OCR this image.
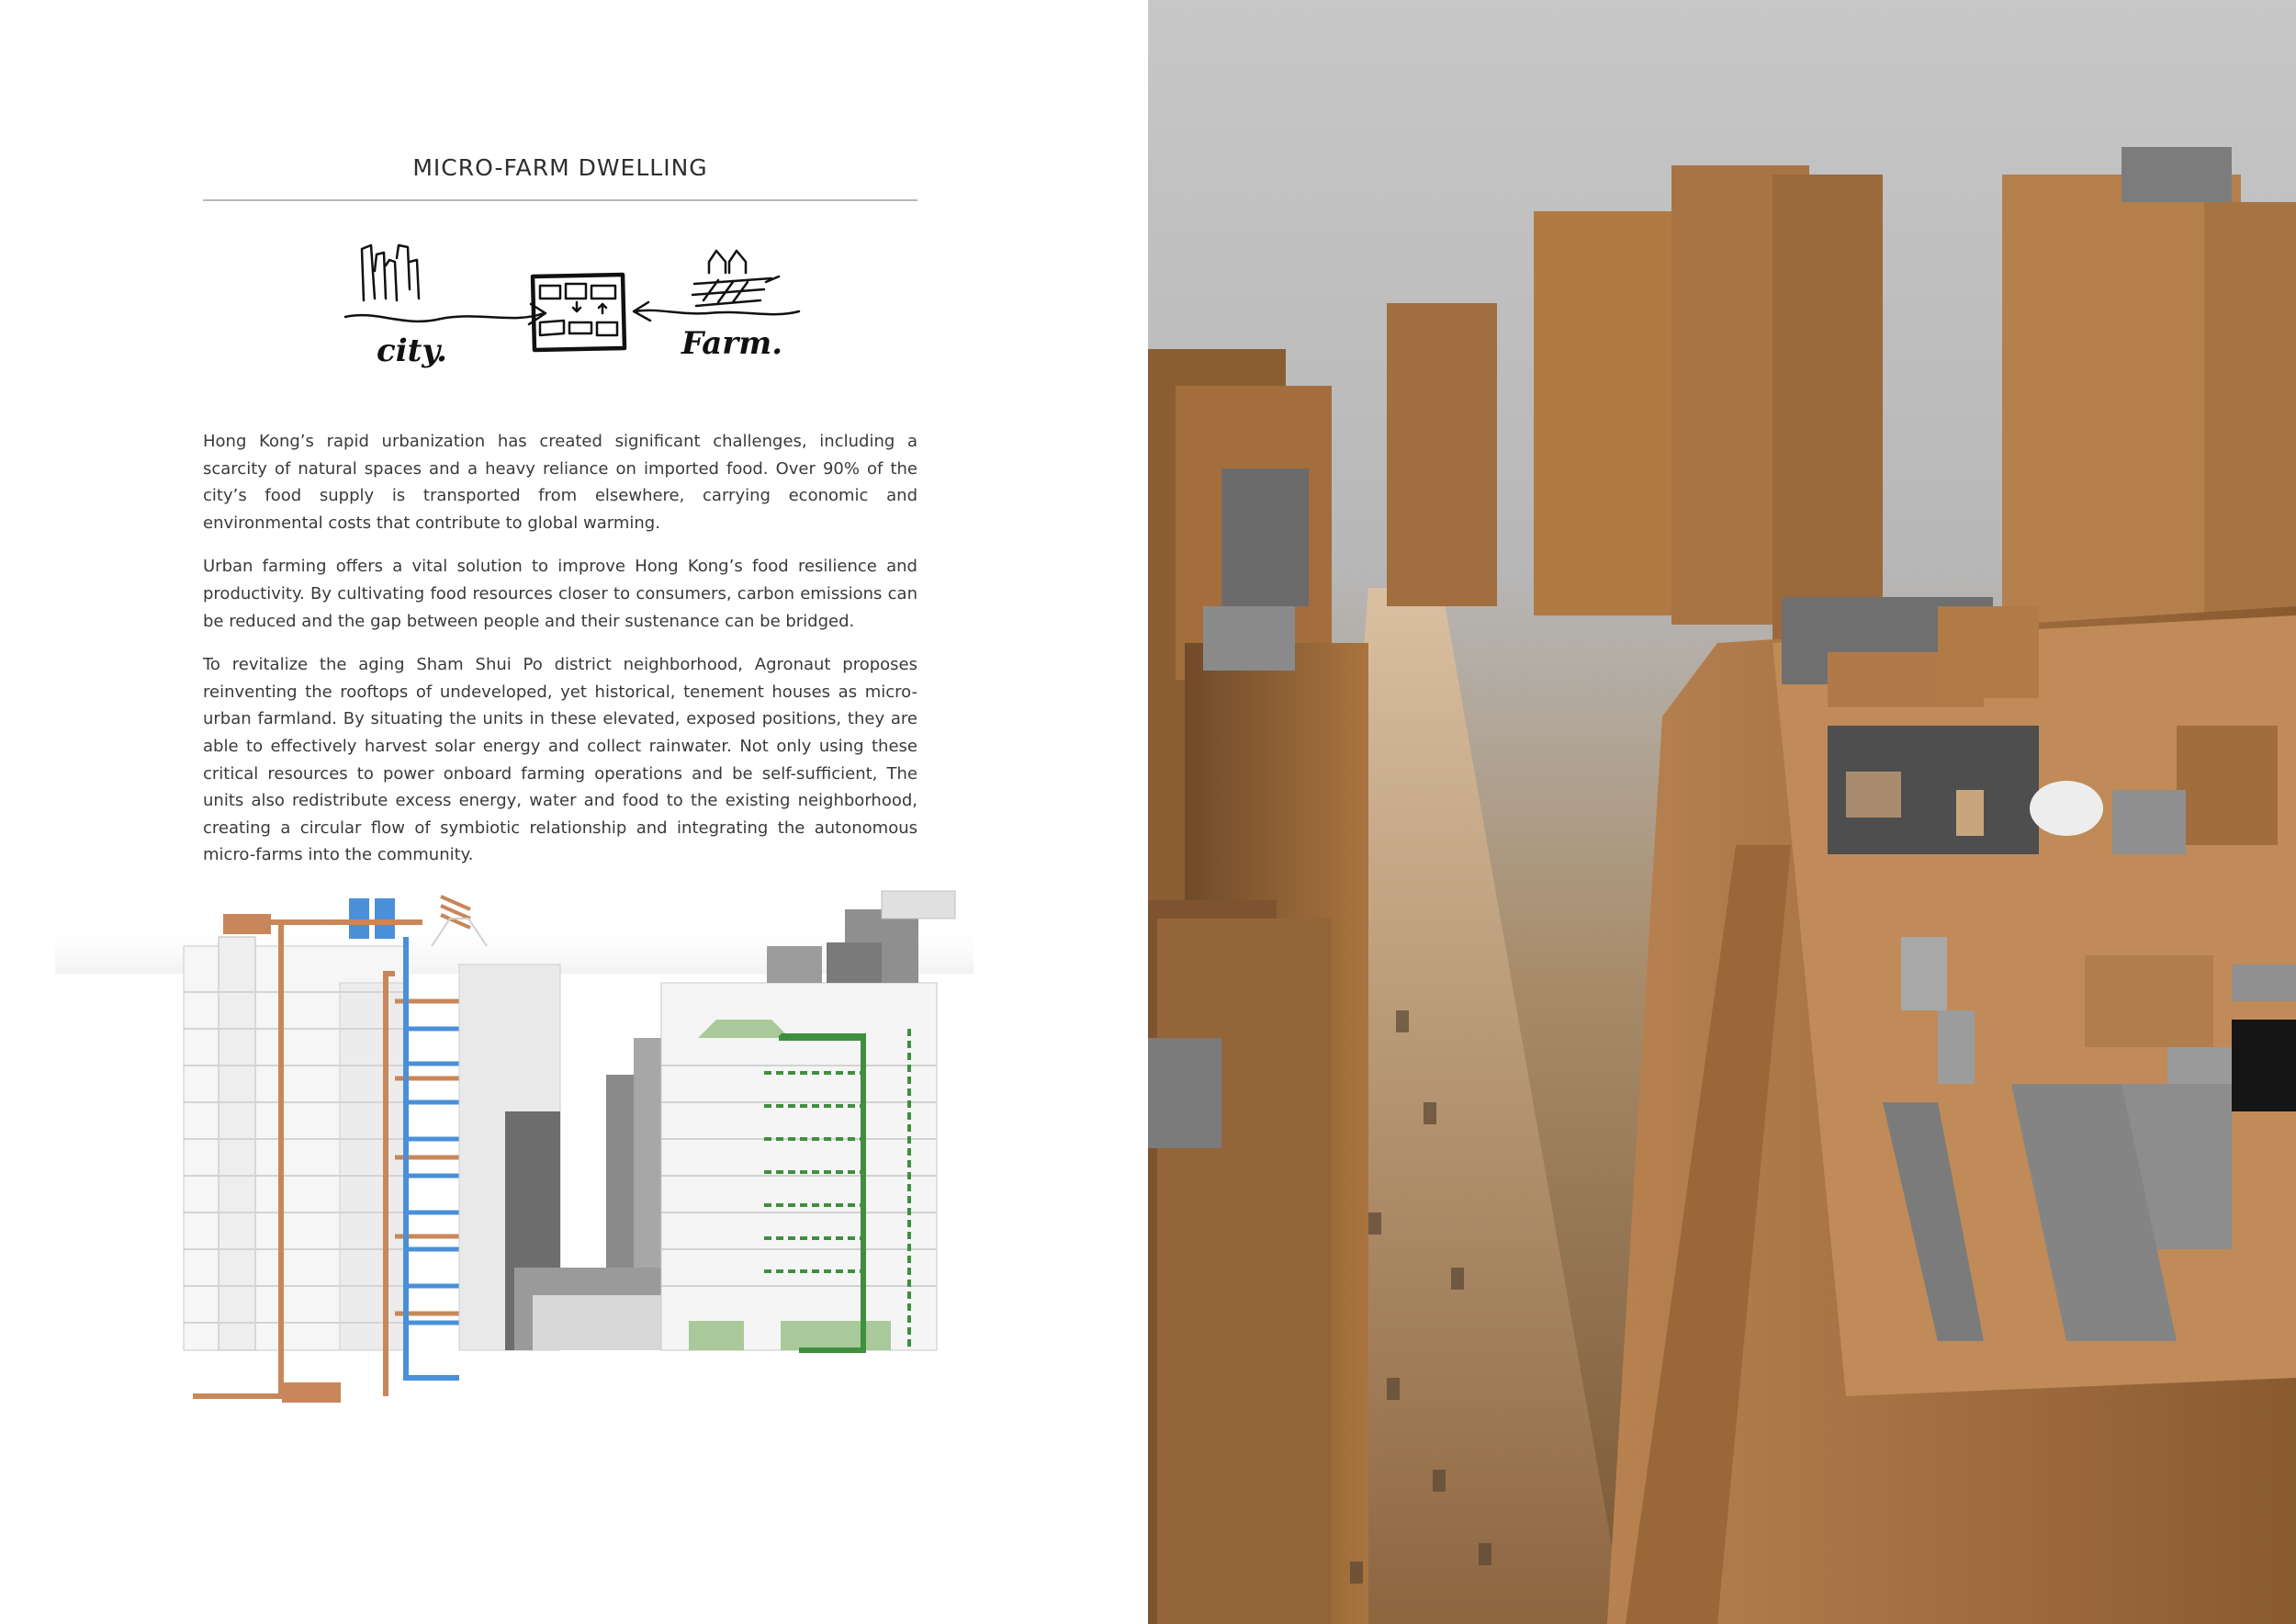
MICRO-FARM DWELLING
city.	Farm.

Hong Kong’s rapid urbanization has created significant challenges, including a scarcity of natural spaces and a heavy reliance on imported food. Over 90% of the city’s food supply is transported from elsewhere, carrying economic and environmental costs that contribute to global warming.

Urban farming offers a vital solution to improve Hong Kong’s food resilience and productivity. By cultivating food resources closer to consumers, carbon emissions can be reduced and the gap between people and their sustenance can be bridged.

To revitalize the aging Sham Shui Po district neighborhood, Agronaut proposes reinventing the rooftops of undeveloped, yet historical, tenement houses as micro-urban farmland. By situating the units in these elevated, exposed positions, they are able to effectively harvest solar energy and collect rainwater. Not only using these critical resources to power onboard farming operations and be self-sufficient, The units also redistribute excess energy, water and food to the existing neighborhood, creating a circular flow of symbiotic relationship and integrating the autonomous micro-farms into the community.
